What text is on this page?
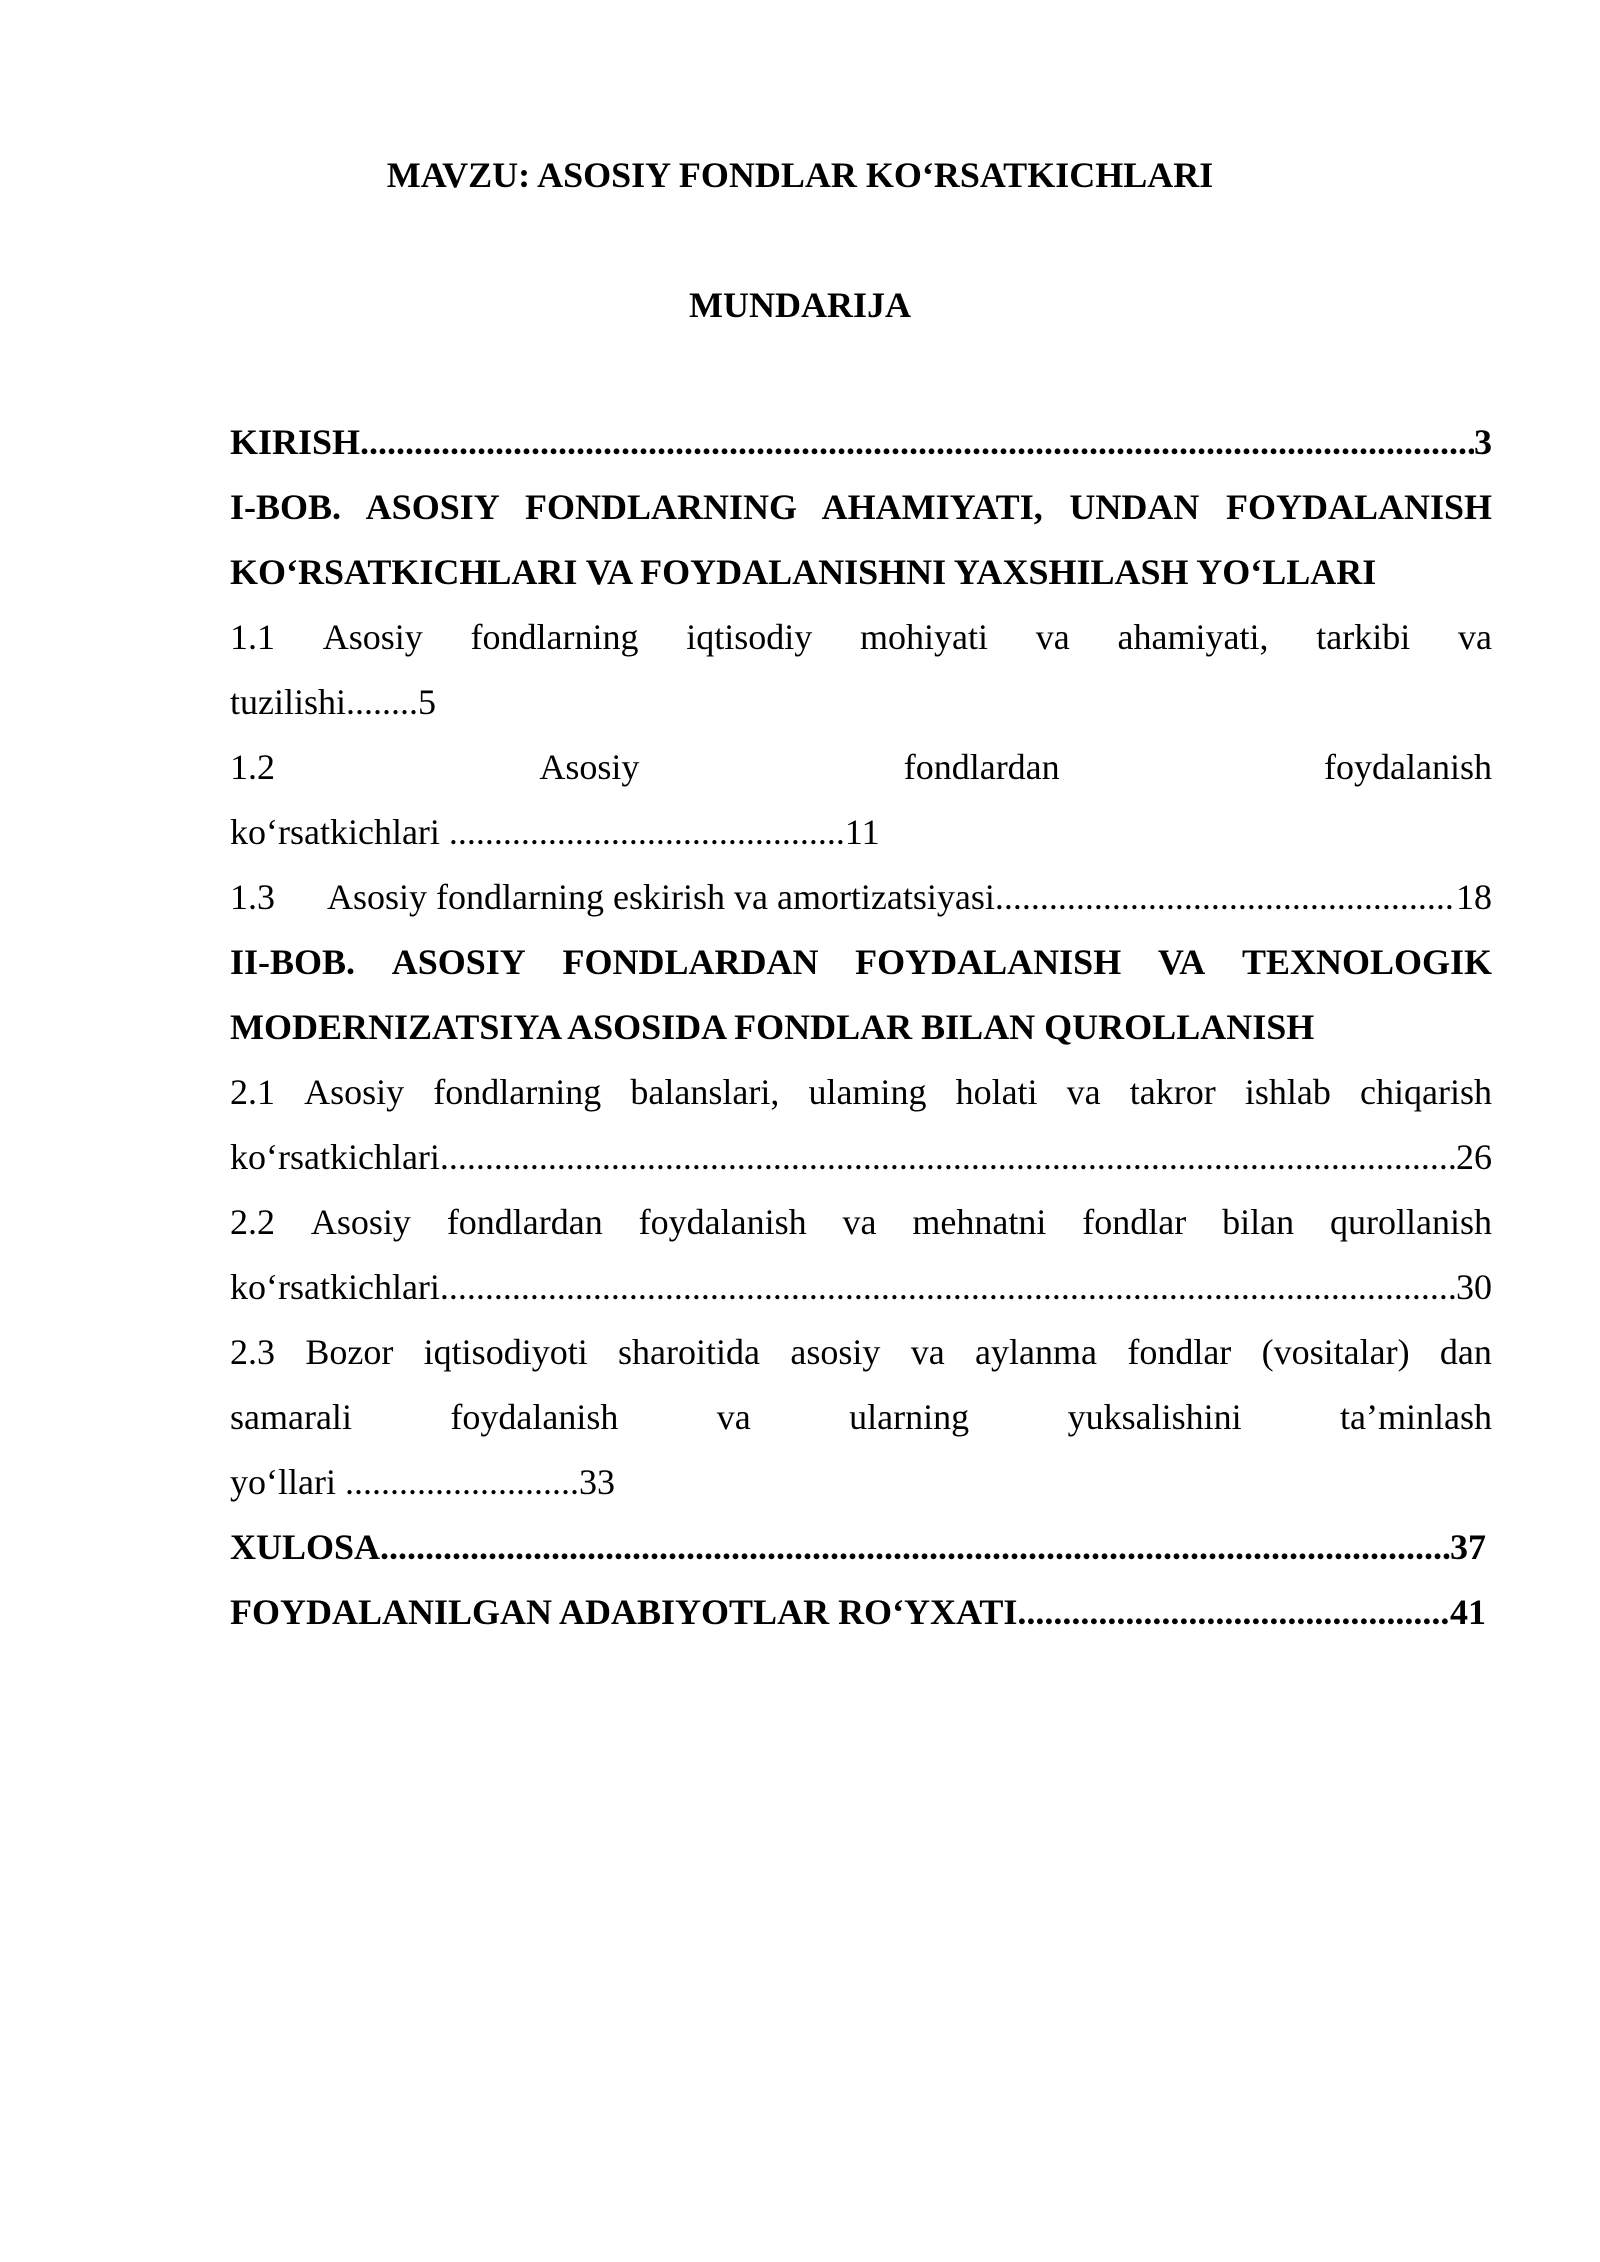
MAVZU: ASOSIY FONDLAR KO‘RSATKICHLARI
MUNDARIJA
KIRISH .....	3
I-BOB. ASOSIY FONDLARNING AHAMIYATI, UNDAN FOYDALANISH
KO‘RSATKICHLARI VA FOYDALANISHNI YAXSHILASH YO‘LLARI
1.1 Asosiy fondlarning iqtisodiy mohiyati va ahamiyati, tarkibi va
tuzilishi........5
1.2	Asosiy	fondlardan	foydalanish
ko‘rsatkichlari ............................................11
1.3      Asosiy fondlarning eskirish va amortizatsiyasi .....	18
II-BOB. ASOSIY FONDLARDAN FOYDALANISH VA TEXNOLOGIK
MODERNIZATSIYA ASOSIDA FONDLAR BILAN QUROLLANISH
2.1 Asosiy fondlarning balanslari, ulaming holati va takror ishlab chiqarish
ko‘rsatkichlari .....	26
2.2 Asosiy fondlardan foydalanish va mehnatni fondlar bilan qurollanish
ko‘rsatkichlari .....	30
2.3 Bozor iqtisodiyoti sharoitida asosiy va aylanma fondlar (vositalar) dan
samarali	foydalanish	va	ularning	yuksalishini	ta’minlash
yo‘llari ..........................33
XULOSA .....	37
FOYDALANILGAN ADABIYOTLAR RO‘YXATI .....	41
